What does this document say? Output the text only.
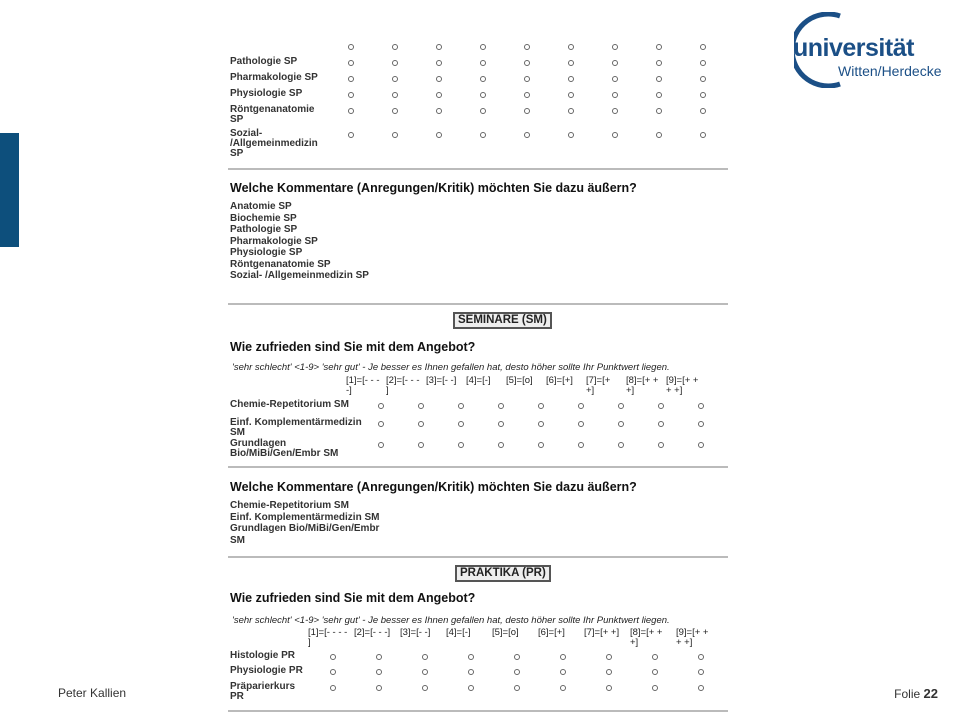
universität
Witten/Herdecke
Welche Kommentare (Anregungen/Kritik) möchten Sie dazu äußern?
Anatomie SP
Biochemie SP
Pathologie SP
Pharmakologie SP
Physiologie SP
Röntgenanatomie SP
Sozial- /Allgemeinmedizin SP
SEMINARE (SM)
Wie zufrieden sind Sie mit dem Angebot?
'sehr schlecht' <1-9> 'sehr gut' - Je besser es Ihnen gefallen hat, desto höher sollte Ihr Punktwert liegen.
Welche Kommentare (Anregungen/Kritik) möchten Sie dazu äußern?
Chemie-Repetitorium SM
Einf. Komplementärmedizin SM
Grundlagen Bio/MiBi/Gen/Embr SM
PRAKTIKA (PR)
Wie zufrieden sind Sie mit dem Angebot?
'sehr schlecht' <1-9> 'sehr gut' - Je besser es Ihnen gefallen hat, desto höher sollte Ihr Punktwert liegen.
Pathologie SP
Pharmakologie SP
Physiologie SP
Röntgenanatomie SP
Sozial- /Allgemeinmedizin SP
[1]=[- - -
-]
[2]=[- - -
]
[3]=[- -] [4]=[-] [5]=[o] [6]=[+] [7]=[+
+]
[8]=[+ +
+]
[9]=[+ +
+ +]
Chemie-Repetitorium SM
Einf. Komplementärmedizin SM
Grundlagen Bio/MiBi/Gen/Embr SM
[1]=[- - - -
]
[2]=[- - -] [3]=[- -] [4]=[-] [5]=[o] [6]=[+] [7]=[+ +] [8]=[+ +
+]
[9]=[+ +
+ +]
Histologie PR
Physiologie PR
Präparierkurs PR
Peter Kallien	Folie 22
